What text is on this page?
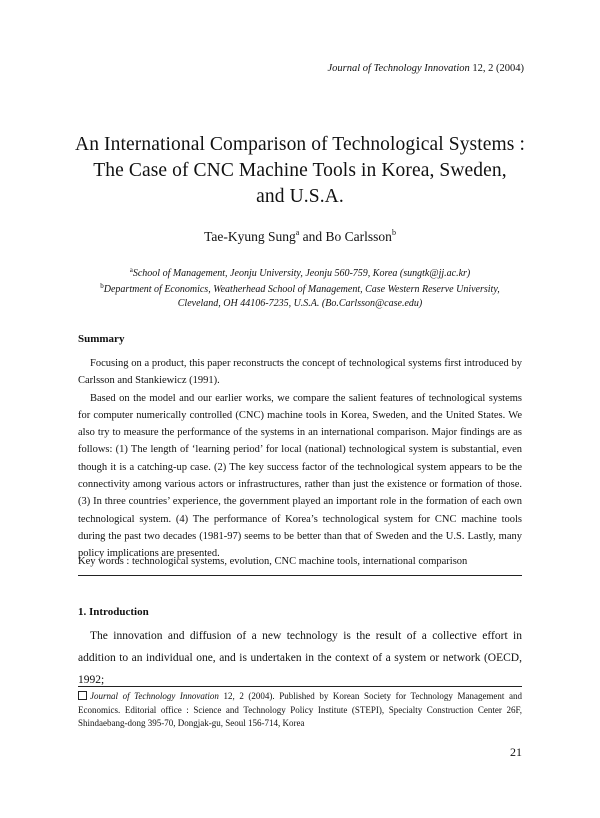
Journal of Technology Innovation 12, 2 (2004)
An International Comparison of Technological Systems :
The Case of CNC Machine Tools in Korea, Sweden,
and U.S.A.
Tae-Kyung Sung$^a$ and Bo Carlsson$^b$
$^a$School of Management, Jeonju University, Jeonju 560-759, Korea (sungtk@jj.ac.kr)
$^b$Department of Economics, Weatherhead School of Management, Case Western Reserve University, Cleveland, OH 44106-7235, U.S.A. (Bo.Carlsson@case.edu)
Summary

Focusing on a product, this paper reconstructs the concept of technological systems first introduced by Carlsson and Stankiewicz (1991).

Based on the model and our earlier works, we compare the salient features of technological systems for computer numerically controlled (CNC) machine tools in Korea, Sweden, and the United States. We also try to measure the performance of the systems in an international comparison. Major findings are as follows: (1) The length of ‘learning period’ for local (national) technological system is substantial, even though it is a catching-up case. (2) The key success factor of the technological system appears to be the connectivity among various actors or infrastructures, rather than just the existence or formation of those. (3) In three countries’ experience, the government played an important role in the formation of each own technological system. (4) The performance of Korea’s technological system for CNC machine tools during the past two decades (1981-97) seems to be better than that of Sweden and the U.S. Lastly, many policy implications are presented.

Key words : technological systems, evolution, CNC machine tools, international comparison
1. Introduction

The innovation and diffusion of a new technology is the result of a collective effort in addition to an individual one, and is undertaken in the context of a system or network (OECD, 1992;

Journal of Technology Innovation 12, 2 (2004). Published by Korean Society for Technology Management and Economics. Editorial office : Science and Technology Policy Institute (STEPI), Specialty Construction Center 26F, Shindaebang-dong 395-70, Dongjak-gu, Seoul 156-714, Korea
21
